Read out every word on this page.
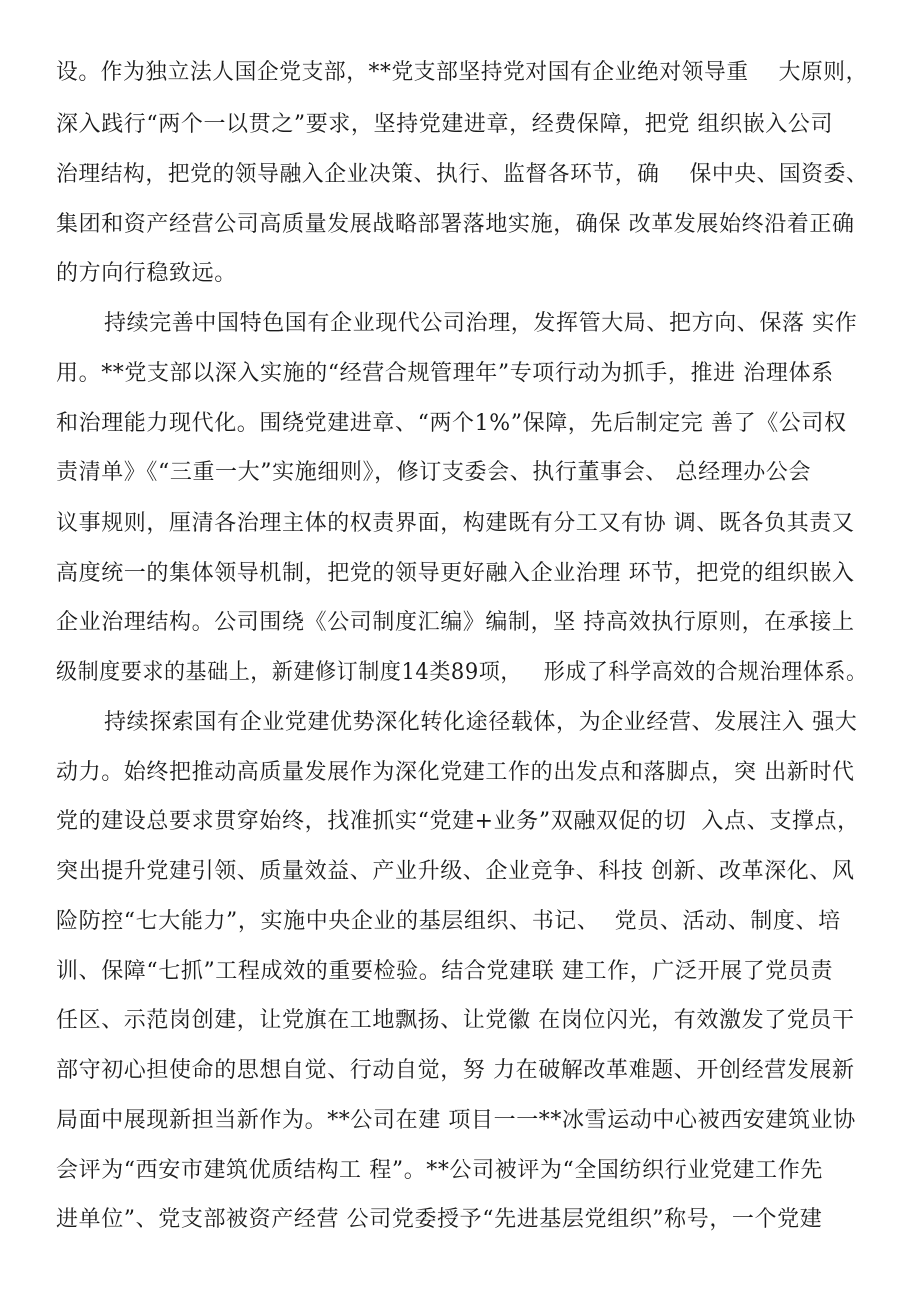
设。作为独立法人国企党支部，**党支部坚持党对国有企业绝对领导重    大原则，
深入践行“两个一以贯之”要求，坚持党建进章，经费保障，把党 组织嵌入公司
治理结构，把党的领导融入企业决策、执行、监督各环节，确    保中央、国资委、
集团和资产经营公司高质量发展战略部署落地实施，确保 改革发展始终沿着正确
的方向行稳致远。
持续完善中国特色国有企业现代公司治理，发挥管大局、把方向、保落 实作
用。**党支部以深入实施的“经营合规管理年”专项行动为抓手，推进 治理体系
和治理能力现代化。围绕党建进章、“两个1%”保障，先后制定完 善了《公司权
责清单》《“三重一大”实施细则》，修订支委会、执行董事会、 总经理办公会
议事规则，厘清各治理主体的权责界面，构建既有分工又有协 调、既各负其责又
高度统一的集体领导机制，把党的领导更好融入企业治理 环节，把党的组织嵌入
企业治理结构。公司围绕《公司制度汇编》编制，坚 持高效执行原则，在承接上
级制度要求的基础上，新建修订制度14类89项，   形成了科学高效的合规治理体系。
持续探索国有企业党建优势深化转化途径载体，为企业经营、发展注入 强大
动力。始终把推动高质量发展作为深化党建工作的出发点和落脚点，突 出新时代
党的建设总要求贯穿始终，找准抓实“党建+业务”双融双促的切  入点、支撑点，
突出提升党建引领、质量效益、产业升级、企业竞争、科技 创新、改革深化、风
险防控“七大能力”，实施中央企业的基层组织、书记、  党员、活动、制度、培
训、保障“七抓”工程成效的重要检验。结合党建联 建工作，广泛开展了党员责
任区、示范岗创建，让党旗在工地飘扬、让党徽 在岗位闪光，有效激发了党员干
部守初心担使命的思想自觉、行动自觉，努 力在破解改革难题、开创经营发展新
局面中展现新担当新作为。**公司在建 项目一一**冰雪运动中心被西安建筑业协
会评为“西安市建筑优质结构工 程”。**公司被评为“全国纺织行业党建工作先
进单位”、党支部被资产经营 公司党委授予“先进基层党组织”称号，一个党建
